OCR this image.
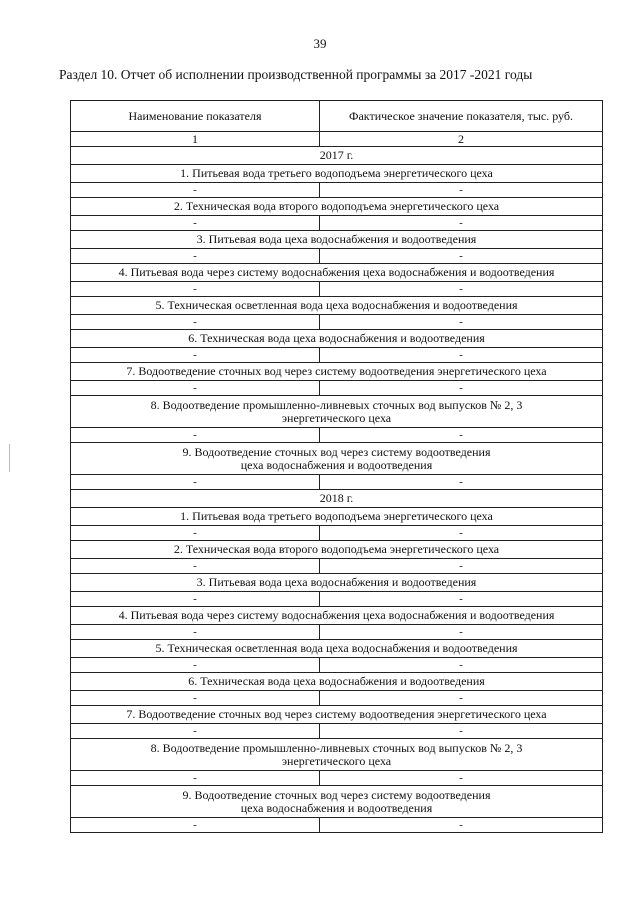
39
Раздел 10. Отчет об исполнении производственной программы за 2017 -2021 годы
Наименование показателя	Фактическое значение показателя, тыс. руб.
1	2
2017 г.	

1. Питьевая вода третьего водоподъема энергетического цеха	

-	-

2. Техническая вода второго водоподъема энергетического цеха	

-	-

3. Питьевая вода цеха водоснабжения и водоотведения	

-	-

4. Питьевая вода через систему водоснабжения цеха водоснабжения и водоотведения	

-	-

5. Техническая осветленная вода цеха водоснабжения и водоотведения	

-	-

6. Техническая вода цеха водоснабжения и водоотведения	

-	-

7. Водоотведение сточных вод через систему водоотведения энергетического цеха	

-	-

8. Водоотведение промышленно-ливневых сточных вод выпусков № 2, 3
энергетического цеха	

-	-

9. Водоотведение сточных вод через систему водоотведения
цеха водоснабжения и водоотведения	

-	-
2018 г.	

1. Питьевая вода третьего водоподъема энергетического цеха	

-	-

2. Техническая вода второго водоподъема энергетического цеха	

-	-

3. Питьевая вода цеха водоснабжения и водоотведения	

-	-

4. Питьевая вода через систему водоснабжения цеха водоснабжения и водоотведения	

-	-

5. Техническая осветленная вода цеха водоснабжения и водоотведения	

-	-

6. Техническая вода цеха водоснабжения и водоотведения	

-	-

7. Водоотведение сточных вод через систему водоотведения энергетического цеха	

-	-

8. Водоотведение промышленно-ливневых сточных вод выпусков № 2, 3
энергетического цеха	

-	-

9. Водоотведение сточных вод через систему водоотведения
цеха водоснабжения и водоотведения	

-	-
